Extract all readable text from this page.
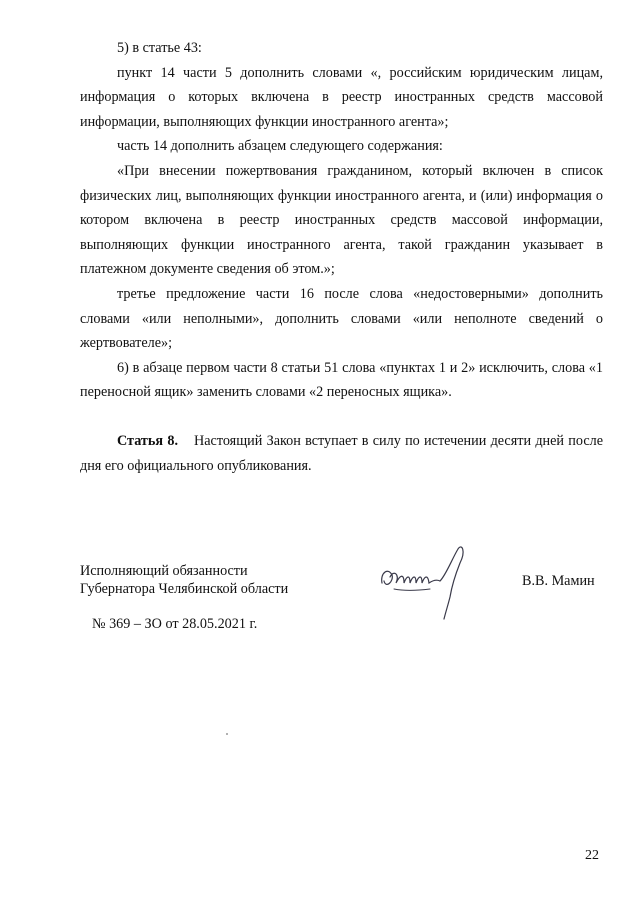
5) в статье 43:

пункт 14 части 5 дополнить словами «, российским юридическим лицам, информация о которых включена в реестр иностранных средств массовой информации, выполняющих функции иностранного агента»;

часть 14 дополнить абзацем следующего содержания:

«При внесении пожертвования гражданином, который включен в список физических лиц, выполняющих функции иностранного агента, и (или) информация о котором включена в реестр иностранных средств массовой информации, выполняющих функции иностранного агента, такой гражданин указывает в платежном документе сведения об этом.»;

третье предложение части 16 после слова «недостоверными» дополнить словами «или неполными», дополнить словами «или неполноте сведений о жертвователе»;

6) в абзаце первом части 8 статьи 51 слова «пунктах 1 и 2» исключить, слова «1 переносной ящик» заменить словами «2 переносных ящика».

Статья 8. Настоящий Закон вступает в силу по истечении десяти дней после дня его официального опубликования.

Исполняющий обязанности
Губернатора Челябинской области	В.В. Мамин
№ 369 – ЗО от 28.05.2021 г.
22
